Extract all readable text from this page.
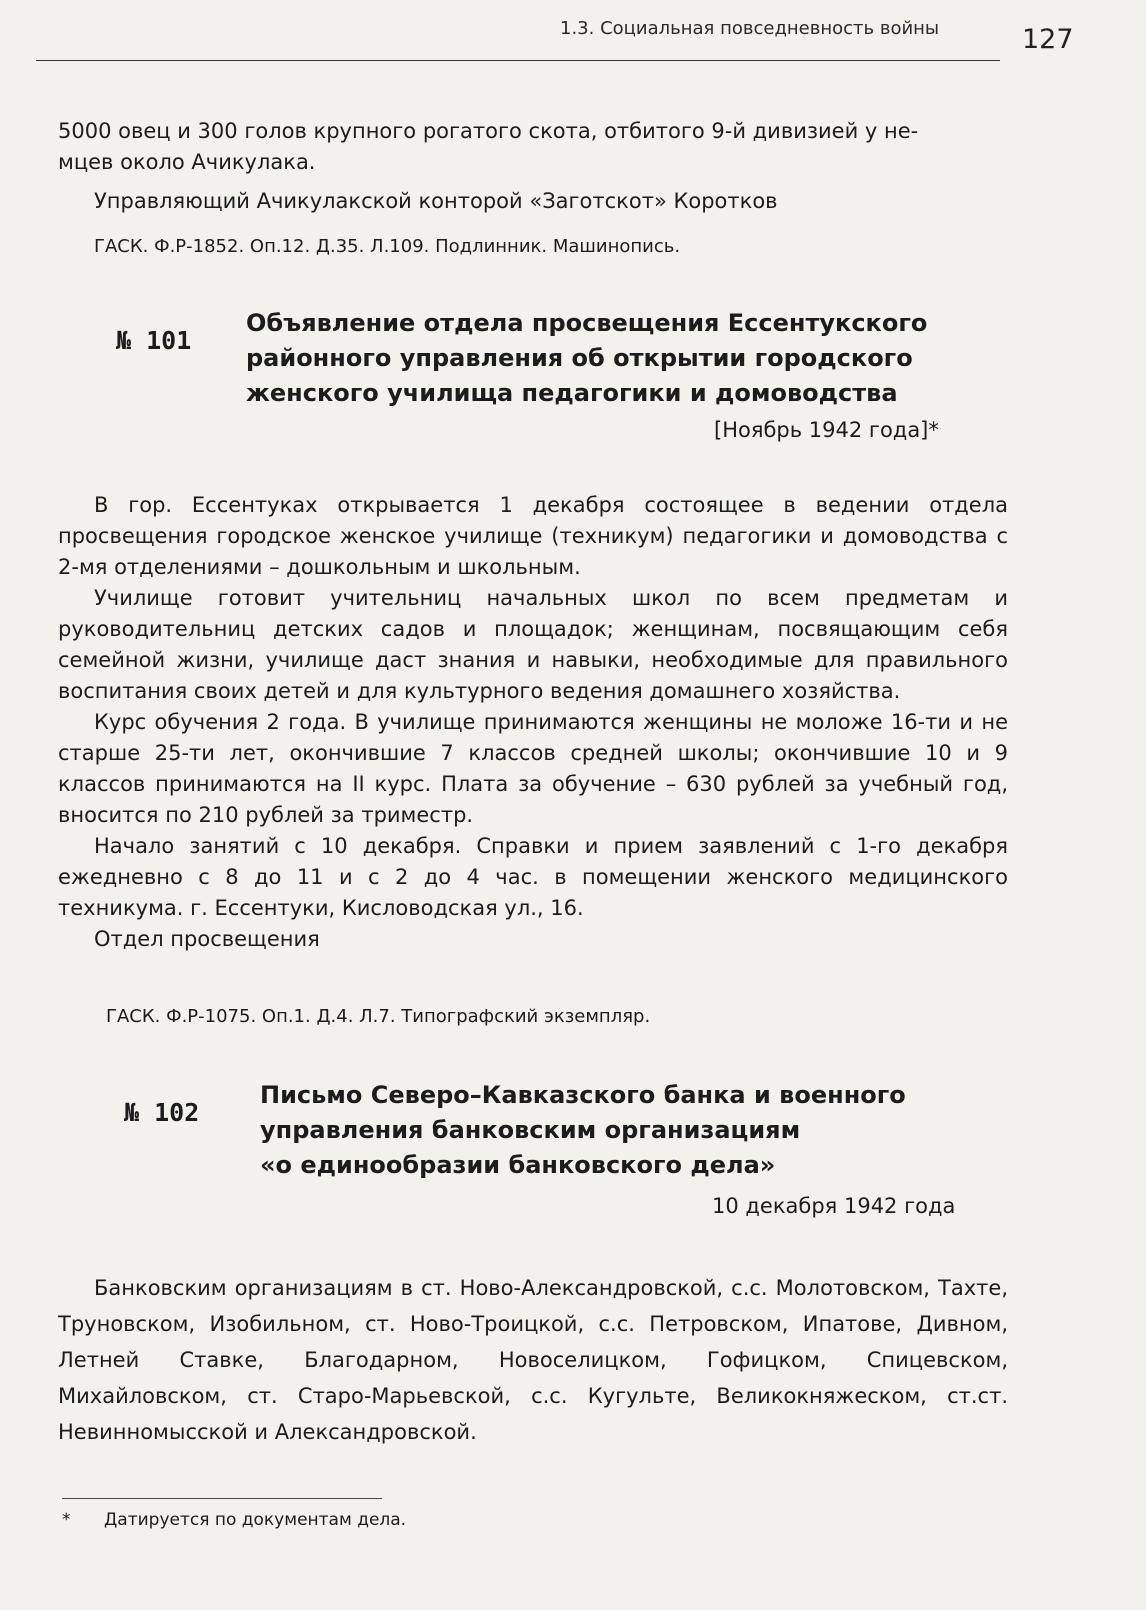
1.3. Социальная повседневность войны	127

5000 овец и 300 голов крупного рогатого скота, отбитого 9-й дивизией у не-

мцев около Ачикулака.

Управляющий Ачикулакской конторой «Заготскот» Коротков
ГАСК. Ф.Р-1852. Оп.12. Д.35. Л.109. Подлинник. Машинопись.
№ 101
Объявление отдела просвещения Ессентукского
районного управления об открытии городского
женского училища педагогики и домоводства
[Ноябрь 1942 года]*

В гор. Ессентуках открывается 1 декабря состоящее в ведении отдела просвещения городское женское училище (техникум) педагогики и домоводства с 2-мя отделениями – дошкольным и школьным.

Училище готовит учительниц начальных школ по всем предметам и руководительниц детских садов и площадок; женщинам, посвящающим себя семейной жизни, училище даст знания и навыки, необходимые для правильного воспитания своих детей и для культурного ведения домашнего хозяйства.

Курс обучения 2 года. В училище принимаются женщины не моложе 16-ти и не старше 25-ти лет, окончившие 7 классов средней школы; окончившие 10 и 9 классов принимаются на II курс. Плата за обучение – 630 рублей за учебный год, вносится по 210 рублей за триместр.

Начало занятий с 10 декабря. Справки и прием заявлений с 1-го декабря ежедневно с 8 до 11 и с 2 до 4 час. в помещении женского медицинского техникума. г. Ессентуки, Кисловодская ул., 16.

Отдел просвещения

ГАСК. Ф.Р-1075. Оп.1. Д.4. Л.7. Типографский экземпляр.
№ 102
Письмо Северо–Кавказского банка и военного
управления банковским организациям
«о единообразии банковского дела»
10 декабря 1942 года

Банковским организациям в ст. Ново-Александровской, с.с. Молотовском, Тахте, Труновском, Изобильном, ст. Ново-Троицкой, с.с. Петровском, Ипатове, Дивном, Летней Ставке, Благодарном, Новоселицком, Гофицком, Спицевском, Михайловском, ст. Старо-Марьевской, с.с. Кугульте, Великокняжеском, ст.ст. Невинномысской и Александровской.

* Датируется по документам дела.
